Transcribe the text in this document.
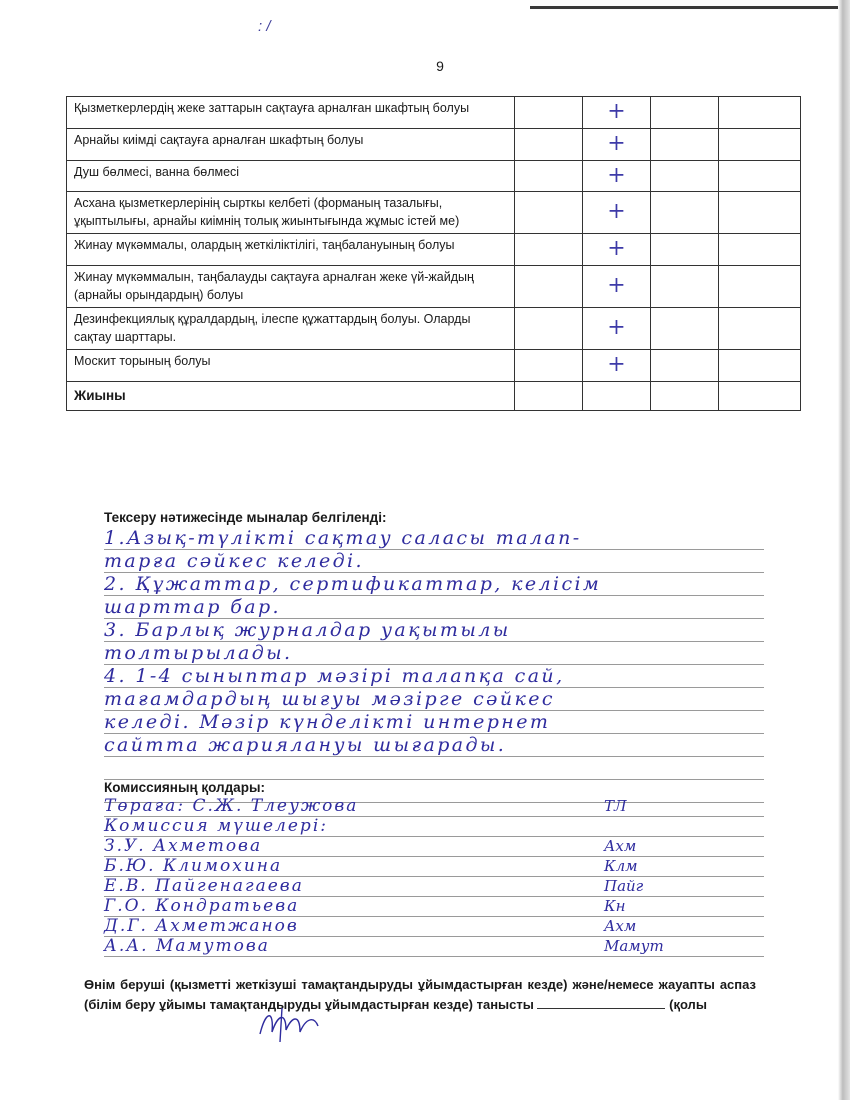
: /
9
Қызметкерлердің жеке заттарын сақтауға арналған шкафтың болуы		+		
Арнайы киімді сақтауға арналған шкафтың болуы		+		
Душ бөлмесі, ванна бөлмесі		+		
Асхана қызметкерлерінің сырткы келбеті (форманың тазалығы, ұқыптылығы, арнайы киімнің толық жиынтығында жұмыс істей ме)		+		
Жинау мүкәммалы, олардың жеткіліктілігі, таңбалануының болуы		+		
Жинау мүкәммалын, таңбалауды сақтауға арналған жеке үй-жайдың (арнайы орындардың) болуы		+		
Дезинфекциялық құралдардың, ілеспе құжаттардың болуы. Оларды сақтау шарттары.		+		
Москит торының болуы		+		
Жиыны				
Тексеру нәтижесінде мыналар белгіленді:
1.Азық-түлікті сақтау саласы талап-
тарға сәйкес келеді.
2. Құжаттар, сертификаттар, келісім
шарттар бар.
3. Барлық журналдар уақытылы
толтырылады.
4. 1-4 сыныптар мәзірі талапқа сай,
тағамдардың шығуы мәзірге сәйкес
келеді. Мәзір күнделікті интернет
сайтта жариялануы шығарады.
Комиссияның қолдары:
Төраға: С.Ж. Тлеужова	ТЛ
Комиссия мүшелері:
З.У. Ахметова	Ахм
Б.Ю. Климохина	Клм
Е.В. Пайгенагаева	Пайг
Г.О. Кондратьева	Кн
Д.Г. Ахметжанов	Ахм
А.А. Мамутова	Мамут
Өнім беруші (қызметті жеткізуші тамақтандыруды ұйымдастырған кезде) және/немесе жауапты аспаз (білім беру ұйымы тамақтандыруды ұйымдастырған кезде) танысты	(қолы
